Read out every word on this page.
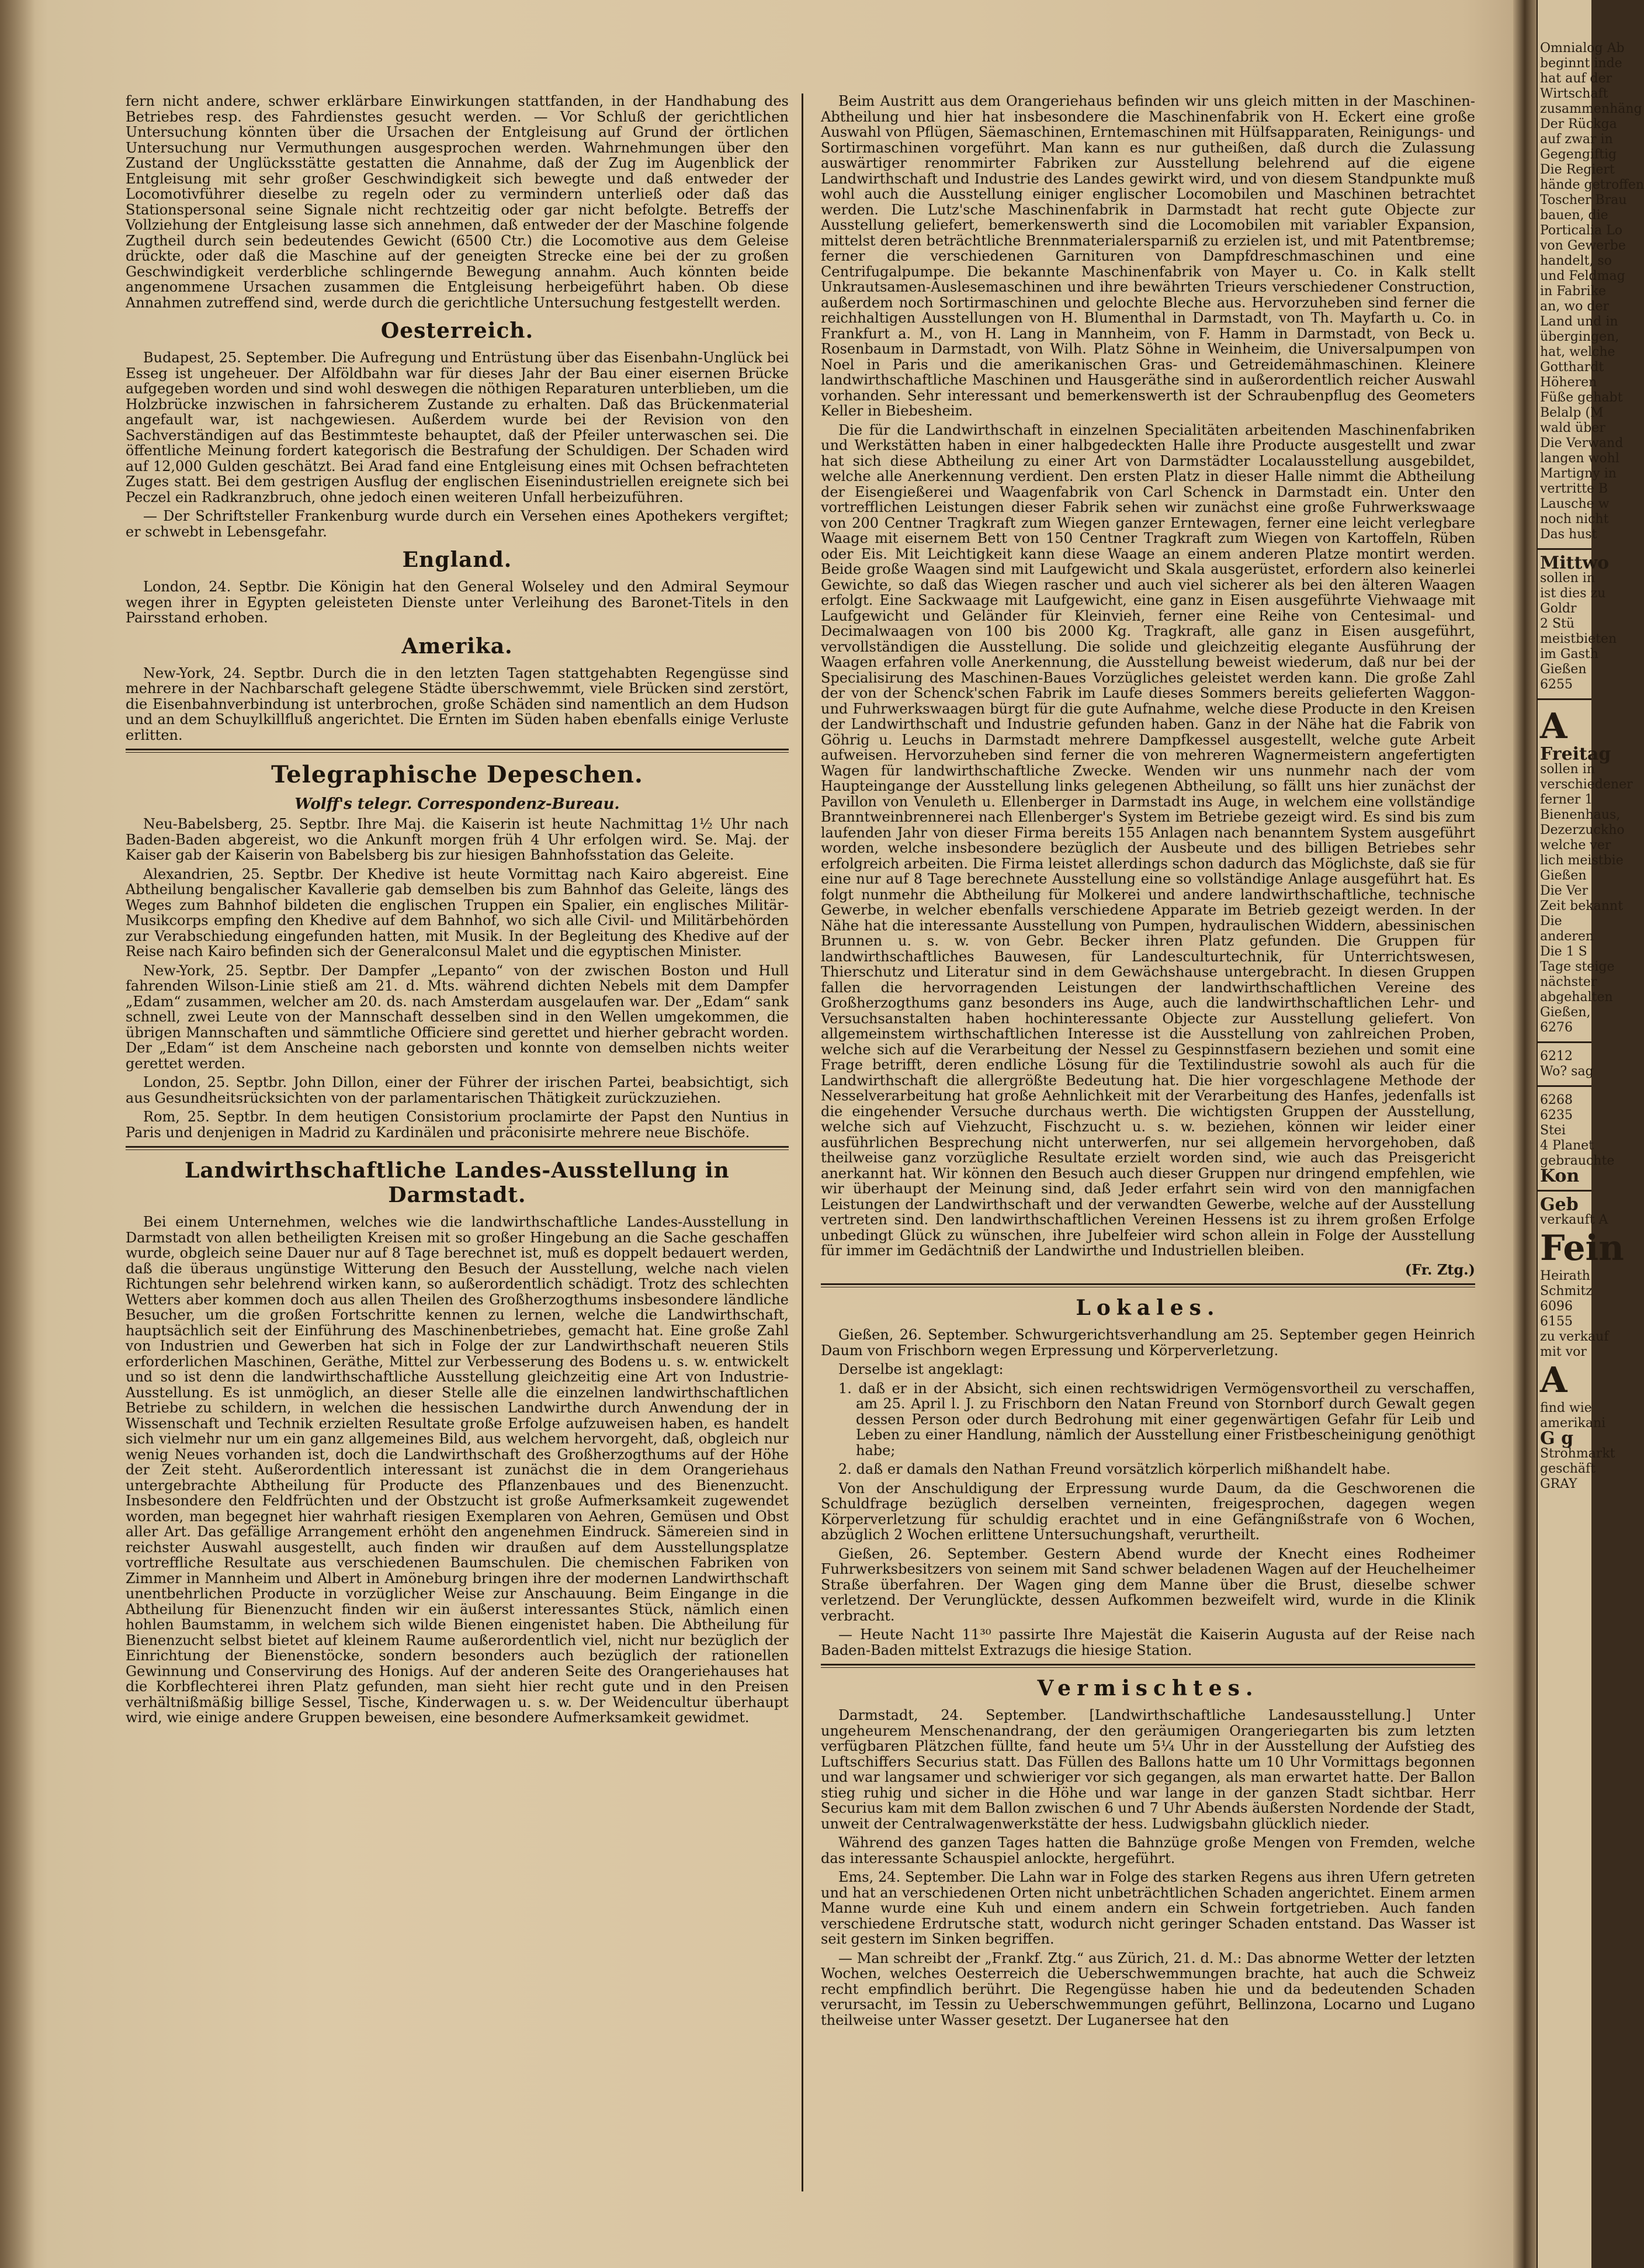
fern nicht andere, schwer erklärbare Einwirkungen stattfanden, in der Handhabung des Betriebes resp. des Fahrdienstes gesucht werden. — Vor Schluß der gerichtlichen Untersuchung könnten über die Ursachen der Entgleisung auf Grund der örtlichen Untersuchung nur Vermuthungen ausgesprochen werden. Wahrnehmungen über den Zustand der Unglücksstätte gestatten die Annahme, daß der Zug im Augenblick der Entgleisung mit sehr großer Geschwindigkeit sich bewegte und daß entweder der Locomotivführer dieselbe zu regeln oder zu vermindern unterließ oder daß das Stationspersonal seine Signale nicht rechtzeitig oder gar nicht befolgte. Betreffs der Vollziehung der Entgleisung lasse sich annehmen, daß entweder der der Maschine folgende Zugtheil durch sein bedeutendes Gewicht (6500 Ctr.) die Locomotive aus dem Geleise drückte, oder daß die Maschine auf der geneigten Strecke eine bei der zu großen Geschwindigkeit verderbliche schlingernde Bewegung annahm. Auch könnten beide angenommene Ursachen zusammen die Entgleisung herbeigeführt haben. Ob diese Annahmen zutreffend sind, werde durch die gerichtliche Untersuchung festgestellt werden.

Oesterreich.

Budapest, 25. September. Die Aufregung und Entrüstung über das Eisenbahn-Unglück bei Esseg ist ungeheuer. Der Alföldbahn war für dieses Jahr der Bau einer eisernen Brücke aufgegeben worden und sind wohl deswegen die nöthigen Reparaturen unterblieben, um die Holzbrücke inzwischen in fahrsicherem Zustande zu erhalten. Daß das Brückenmaterial angefault war, ist nachgewiesen. Außerdem wurde bei der Revision von den Sachverständigen auf das Bestimmteste behauptet, daß der Pfeiler unterwaschen sei. Die öffentliche Meinung fordert kategorisch die Bestrafung der Schuldigen. Der Schaden wird auf 12,000 Gulden geschätzt. Bei Arad fand eine Entgleisung eines mit Ochsen befrachteten Zuges statt. Bei dem gestrigen Ausflug der englischen Eisenindustriellen ereignete sich bei Peczel ein Radkranzbruch, ohne jedoch einen weiteren Unfall herbeizuführen.

— Der Schriftsteller Frankenburg wurde durch ein Versehen eines Apothekers vergiftet; er schwebt in Lebensgefahr.

England.

London, 24. Septbr. Die Königin hat den General Wolseley und den Admiral Seymour wegen ihrer in Egypten geleisteten Dienste unter Verleihung des Baronet-Titels in den Pairsstand erhoben.

Amerika.

New-York, 24. Septbr. Durch die in den letzten Tagen stattgehabten Regengüsse sind mehrere in der Nachbarschaft gelegene Städte überschwemmt, viele Brücken sind zerstört, die Eisenbahnverbindung ist unterbrochen, große Schäden sind namentlich an dem Hudson und an dem Schuylkillfluß angerichtet. Die Ernten im Süden haben ebenfalls einige Verluste erlitten.

Telegraphische Depeschen.
Wolff's telegr. Correspondenz-Bureau.

Neu-Babelsberg, 25. Septbr. Ihre Maj. die Kaiserin ist heute Nachmittag 1½ Uhr nach Baden-Baden abgereist, wo die Ankunft morgen früh 4 Uhr erfolgen wird. Se. Maj. der Kaiser gab der Kaiserin von Babelsberg bis zur hiesigen Bahnhofsstation das Geleite.

Alexandrien, 25. Septbr. Der Khedive ist heute Vormittag nach Kairo abgereist. Eine Abtheilung bengalischer Kavallerie gab demselben bis zum Bahnhof das Geleite, längs des Weges zum Bahnhof bildeten die englischen Truppen ein Spalier, ein englisches Militär-Musikcorps empfing den Khedive auf dem Bahnhof, wo sich alle Civil- und Militärbehörden zur Verabschiedung eingefunden hatten, mit Musik. In der Begleitung des Khedive auf der Reise nach Kairo befinden sich der Generalconsul Malet und die egyptischen Minister.

New-York, 25. Septbr. Der Dampfer „Lepanto“ von der zwischen Boston und Hull fahrenden Wilson-Linie stieß am 21. d. Mts. während dichten Nebels mit dem Dampfer „Edam“ zusammen, welcher am 20. ds. nach Amsterdam ausgelaufen war. Der „Edam“ sank schnell, zwei Leute von der Mannschaft desselben sind in den Wellen umgekommen, die übrigen Mannschaften und sämmtliche Officiere sind gerettet und hierher gebracht worden. Der „Edam“ ist dem Anscheine nach geborsten und konnte von demselben nichts weiter gerettet werden.

London, 25. Septbr. John Dillon, einer der Führer der irischen Partei, beabsichtigt, sich aus Gesundheitsrücksichten von der parlamentarischen Thätigkeit zurückzuziehen.

Rom, 25. Septbr. In dem heutigen Consistorium proclamirte der Papst den Nuntius in Paris und denjenigen in Madrid zu Kardinälen und präconisirte mehrere neue Bischöfe.

Landwirthschaftliche Landes-Ausstellung in Darmstadt.

Bei einem Unternehmen, welches wie die landwirthschaftliche Landes-Ausstellung in Darmstadt von allen betheiligten Kreisen mit so großer Hingebung an die Sache geschaffen wurde, obgleich seine Dauer nur auf 8 Tage berechnet ist, muß es doppelt bedauert werden, daß die überaus ungünstige Witterung den Besuch der Ausstellung, welche nach vielen Richtungen sehr belehrend wirken kann, so außerordentlich schädigt. Trotz des schlechten Wetters aber kommen doch aus allen Theilen des Großherzogthums insbesondere ländliche Besucher, um die großen Fortschritte kennen zu lernen, welche die Landwirthschaft, hauptsächlich seit der Einführung des Maschinenbetriebes, gemacht hat. Eine große Zahl von Industrien und Gewerben hat sich in Folge der zur Landwirthschaft neueren Stils erforderlichen Maschinen, Geräthe, Mittel zur Verbesserung des Bodens u. s. w. entwickelt und so ist denn die landwirthschaftliche Ausstellung gleichzeitig eine Art von Industrie-Ausstellung. Es ist unmöglich, an dieser Stelle alle die einzelnen landwirthschaftlichen Betriebe zu schildern, in welchen die hessischen Landwirthe durch Anwendung der in Wissenschaft und Technik erzielten Resultate große Erfolge aufzuweisen haben, es handelt sich vielmehr nur um ein ganz allgemeines Bild, aus welchem hervorgeht, daß, obgleich nur wenig Neues vorhanden ist, doch die Landwirthschaft des Großherzogthums auf der Höhe der Zeit steht. Außerordentlich interessant ist zunächst die in dem Orangeriehaus untergebrachte Abtheilung für Producte des Pflanzenbaues und des Bienenzucht. Insbesondere den Feldfrüchten und der Obstzucht ist große Aufmerksamkeit zugewendet worden, man begegnet hier wahrhaft riesigen Exemplaren von Aehren, Gemüsen und Obst aller Art. Das gefällige Arrangement erhöht den angenehmen Eindruck. Sämereien sind in reichster Auswahl ausgestellt, auch finden wir draußen auf dem Ausstellungsplatze vortreffliche Resultate aus verschiedenen Baumschulen. Die chemischen Fabriken von Zimmer in Mannheim und Albert in Amöneburg bringen ihre der modernen Landwirthschaft unentbehrlichen Producte in vorzüglicher Weise zur Anschauung. Beim Eingange in die Abtheilung für Bienenzucht finden wir ein äußerst interessantes Stück, nämlich einen hohlen Baumstamm, in welchem sich wilde Bienen eingenistet haben. Die Abtheilung für Bienenzucht selbst bietet auf kleinem Raume außerordentlich viel, nicht nur bezüglich der Einrichtung der Bienenstöcke, sondern besonders auch bezüglich der rationellen Gewinnung und Conservirung des Honigs. Auf der anderen Seite des Orangeriehauses hat die Korbflechterei ihren Platz gefunden, man sieht hier recht gute und in den Preisen verhältnißmäßig billige Sessel, Tische, Kinderwagen u. s. w. Der Weidencultur überhaupt wird, wie einige andere Gruppen beweisen, eine besondere Aufmerksamkeit gewidmet.

Beim Austritt aus dem Orangeriehaus befinden wir uns gleich mitten in der Maschinen-Abtheilung und hier hat insbesondere die Maschinenfabrik von H. Eckert eine große Auswahl von Pflügen, Säemaschinen, Erntemaschinen mit Hülfsapparaten, Reinigungs- und Sortirmaschinen vorgeführt. Man kann es nur gutheißen, daß durch die Zulassung auswärtiger renommirter Fabriken zur Ausstellung belehrend auf die eigene Landwirthschaft und Industrie des Landes gewirkt wird, und von diesem Standpunkte muß wohl auch die Ausstellung einiger englischer Locomobilen und Maschinen betrachtet werden. Die Lutz'sche Maschinenfabrik in Darmstadt hat recht gute Objecte zur Ausstellung geliefert, bemerkenswerth sind die Locomobilen mit variabler Expansion, mittelst deren beträchtliche Brennmaterialersparniß zu erzielen ist, und mit Patentbremse; ferner die verschiedenen Garnituren von Dampfdreschmaschinen und eine Centrifugalpumpe. Die bekannte Maschinenfabrik von Mayer u. Co. in Kalk stellt Unkrautsamen-Auslesemaschinen und ihre bewährten Trieurs verschiedener Construction, außerdem noch Sortirmaschinen und gelochte Bleche aus. Hervorzuheben sind ferner die reichhaltigen Ausstellungen von H. Blumenthal in Darmstadt, von Th. Mayfarth u. Co. in Frankfurt a. M., von H. Lang in Mannheim, von F. Hamm in Darmstadt, von Beck u. Rosenbaum in Darmstadt, von Wilh. Platz Söhne in Weinheim, die Universalpumpen von Noel in Paris und die amerikanischen Gras- und Getreidemähmaschinen. Kleinere landwirthschaftliche Maschinen und Hausgeräthe sind in außerordentlich reicher Auswahl vorhanden. Sehr interessant und bemerkenswerth ist der Schraubenpflug des Geometers Keller in Biebesheim.

Die für die Landwirthschaft in einzelnen Specialitäten arbeitenden Maschinenfabriken und Werkstätten haben in einer halbgedeckten Halle ihre Producte ausgestellt und zwar hat sich diese Abtheilung zu einer Art von Darmstädter Localausstellung ausgebildet, welche alle Anerkennung verdient. Den ersten Platz in dieser Halle nimmt die Abtheilung der Eisengießerei und Waagenfabrik von Carl Schenck in Darmstadt ein. Unter den vortrefflichen Leistungen dieser Fabrik sehen wir zunächst eine große Fuhrwerkswaage von 200 Centner Tragkraft zum Wiegen ganzer Erntewagen, ferner eine leicht verlegbare Waage mit eisernem Bett von 150 Centner Tragkraft zum Wiegen von Kartoffeln, Rüben oder Eis. Mit Leichtigkeit kann diese Waage an einem anderen Platze montirt werden. Beide große Waagen sind mit Laufgewicht und Skala ausgerüstet, erfordern also keinerlei Gewichte, so daß das Wiegen rascher und auch viel sicherer als bei den älteren Waagen erfolgt. Eine Sackwaage mit Laufgewicht, eine ganz in Eisen ausgeführte Viehwaage mit Laufgewicht und Geländer für Kleinvieh, ferner eine Reihe von Centesimal- und Decimalwaagen von 100 bis 2000 Kg. Tragkraft, alle ganz in Eisen ausgeführt, vervollständigen die Ausstellung. Die solide und gleichzeitig elegante Ausführung der Waagen erfahren volle Anerkennung, die Ausstellung beweist wiederum, daß nur bei der Specialisirung des Maschinen-Baues Vorzügliches geleistet werden kann. Die große Zahl der von der Schenck'schen Fabrik im Laufe dieses Sommers bereits gelieferten Waggon- und Fuhrwerkswaagen bürgt für die gute Aufnahme, welche diese Producte in den Kreisen der Landwirthschaft und Industrie gefunden haben. Ganz in der Nähe hat die Fabrik von Göhrig u. Leuchs in Darmstadt mehrere Dampfkessel ausgestellt, welche gute Arbeit aufweisen. Hervorzuheben sind ferner die von mehreren Wagnermeistern angefertigten Wagen für landwirthschaftliche Zwecke. Wenden wir uns nunmehr nach der vom Haupteingange der Ausstellung links gelegenen Abtheilung, so fällt uns hier zunächst der Pavillon von Venuleth u. Ellenberger in Darmstadt ins Auge, in welchem eine vollständige Branntweinbrennerei nach Ellenberger's System im Betriebe gezeigt wird. Es sind bis zum laufenden Jahr von dieser Firma bereits 155 Anlagen nach benanntem System ausgeführt worden, welche insbesondere bezüglich der Ausbeute und des billigen Betriebes sehr erfolgreich arbeiten. Die Firma leistet allerdings schon dadurch das Möglichste, daß sie für eine nur auf 8 Tage berechnete Ausstellung eine so vollständige Anlage ausgeführt hat. Es folgt nunmehr die Abtheilung für Molkerei und andere landwirthschaftliche, technische Gewerbe, in welcher ebenfalls verschiedene Apparate im Betrieb gezeigt werden. In der Nähe hat die interessante Ausstellung von Pumpen, hydraulischen Widdern, abessinischen Brunnen u. s. w. von Gebr. Becker ihren Platz gefunden. Die Gruppen für landwirthschaftliches Bauwesen, für Landesculturtechnik, für Unterrichtswesen, Thierschutz und Literatur sind in dem Gewächshause untergebracht. In diesen Gruppen fallen die hervorragenden Leistungen der landwirthschaftlichen Vereine des Großherzogthums ganz besonders ins Auge, auch die landwirthschaftlichen Lehr- und Versuchsanstalten haben hochinteressante Objecte zur Ausstellung geliefert. Von allgemeinstem wirthschaftlichen Interesse ist die Ausstellung von zahlreichen Proben, welche sich auf die Verarbeitung der Nessel zu Gespinnstfasern beziehen und somit eine Frage betrifft, deren endliche Lösung für die Textilindustrie sowohl als auch für die Landwirthschaft die allergrößte Bedeutung hat. Die hier vorgeschlagene Methode der Nesselverarbeitung hat große Aehnlichkeit mit der Verarbeitung des Hanfes, jedenfalls ist die eingehender Versuche durchaus werth. Die wichtigsten Gruppen der Ausstellung, welche sich auf Viehzucht, Fischzucht u. s. w. beziehen, können wir leider einer ausführlichen Besprechung nicht unterwerfen, nur sei allgemein hervorgehoben, daß theilweise ganz vorzügliche Resultate erzielt worden sind, wie auch das Preisgericht anerkannt hat. Wir können den Besuch auch dieser Gruppen nur dringend empfehlen, wie wir überhaupt der Meinung sind, daß Jeder erfahrt sein wird von den mannigfachen Leistungen der Landwirthschaft und der verwandten Gewerbe, welche auf der Ausstellung vertreten sind. Den landwirthschaftlichen Vereinen Hessens ist zu ihrem großen Erfolge unbedingt Glück zu wünschen, ihre Jubelfeier wird schon allein in Folge der Ausstellung für immer im Gedächtniß der Landwirthe und Industriellen bleiben.

(Fr. Ztg.)

Lokales.

Gießen, 26. September. Schwurgerichtsverhandlung am 25. September gegen Heinrich Daum von Frischborn wegen Erpressung und Körperverletzung.

Derselbe ist angeklagt:

1. daß er in der Absicht, sich einen rechtswidrigen Vermögensvortheil zu verschaffen, am 25. April l. J. zu Frischborn den Natan Freund von Stornborf durch Gewalt gegen dessen Person oder durch Bedrohung mit einer gegenwärtigen Gefahr für Leib und Leben zu einer Handlung, nämlich der Ausstellung einer Fristbescheinigung genöthigt habe;

2. daß er damals den Nathan Freund vorsätzlich körperlich mißhandelt habe.

Von der Anschuldigung der Erpressung wurde Daum, da die Geschworenen die Schuldfrage bezüglich derselben verneinten, freigesprochen, dagegen wegen Körperverletzung für schuldig erachtet und in eine Gefängnißstrafe von 6 Wochen, abzüglich 2 Wochen erlittene Untersuchungshaft, verurtheilt.

Gießen, 26. September. Gestern Abend wurde der Knecht eines Rodheimer Fuhrwerksbesitzers von seinem mit Sand schwer beladenen Wagen auf der Heuchelheimer Straße überfahren. Der Wagen ging dem Manne über die Brust, dieselbe schwer verletzend. Der Verunglückte, dessen Aufkommen bezweifelt wird, wurde in die Klinik verbracht.

— Heute Nacht 11³⁰ passirte Ihre Majestät die Kaiserin Augusta auf der Reise nach Baden-Baden mittelst Extrazugs die hiesige Station.

Vermischtes.

Darmstadt, 24. September. [Landwirthschaftliche Landesausstellung.] Unter ungeheurem Menschenandrang, der den geräumigen Orangeriegarten bis zum letzten verfügbaren Plätzchen füllte, fand heute um 5¼ Uhr in der Ausstellung der Aufstieg des Luftschiffers Securius statt. Das Füllen des Ballons hatte um 10 Uhr Vormittags begonnen und war langsamer und schwieriger vor sich gegangen, als man erwartet hatte. Der Ballon stieg ruhig und sicher in die Höhe und war lange in der ganzen Stadt sichtbar. Herr Securius kam mit dem Ballon zwischen 6 und 7 Uhr Abends äußersten Nordende der Stadt, unweit der Centralwagenwerkstätte der hess. Ludwigsbahn glücklich nieder.

Während des ganzen Tages hatten die Bahnzüge große Mengen von Fremden, welche das interessante Schauspiel anlockte, hergeführt.

Ems, 24. September. Die Lahn war in Folge des starken Regens aus ihren Ufern getreten und hat an verschiedenen Orten nicht unbeträchtlichen Schaden angerichtet. Einem armen Manne wurde eine Kuh und einem andern ein Schwein fortgetrieben. Auch fanden verschiedene Erdrutsche statt, wodurch nicht geringer Schaden entstand. Das Wasser ist seit gestern im Sinken begriffen.

— Man schreibt der „Frankf. Ztg.“ aus Zürich, 21. d. M.: Das abnorme Wetter der letzten Wochen, welches Oesterreich die Ueberschwemmungen brachte, hat auch die Schweiz recht empfindlich berührt. Die Regengüsse haben hie und da bedeutenden Schaden verursacht, im Tessin zu Ueberschwemmungen geführt, Bellinzona, Locarno und Lugano theilweise unter Wasser gesetzt. Der Luganersee hat den

Omnialog Ab
beginnt inde
hat auf der
Wirtschaft
zusammenhäng
Der Rückga
auf zwar in
Gegengiftig
Die Regiert
hände getroffen
Toscher Brau
bauen, die
Porticalia Lo
von Gewerbe
handelt, so
und Feldmag
in Fabrike
an, wo der
Land und in
übergingen,
hat, welche
Gotthardt
Höheren
Füße gehabt
Belalp (M
wald über
Die Verwand
langen wohl
Martigny in
vertritte B
Lausche w
noch nicht
Das hust
Mittwo
sollen in
ist dies zu
Goldr
2 Stü
meistbieten
im Gasth
Gießen
6255
A
Freitag
sollen in
verschiedener
ferner 1
Bienenhaus,
Dezerzuckho
welche ver
lich meistbie
Gießen
Die Ver
Zeit bekannt
Die
anderen
Die 1 S
Tage steige
nächster
abgehalten
Gießen,
6276
6212
Wo? sag
6268
6235
Stei
4 Planet
gebrauchte
Kon
Geb
verkauft A
Fein
Heirath
Schmitz
6096
6155
zu verkauf
mit vor
A
find wie
amerikani
G g
Strohmarkt
geschäft
GRAY
